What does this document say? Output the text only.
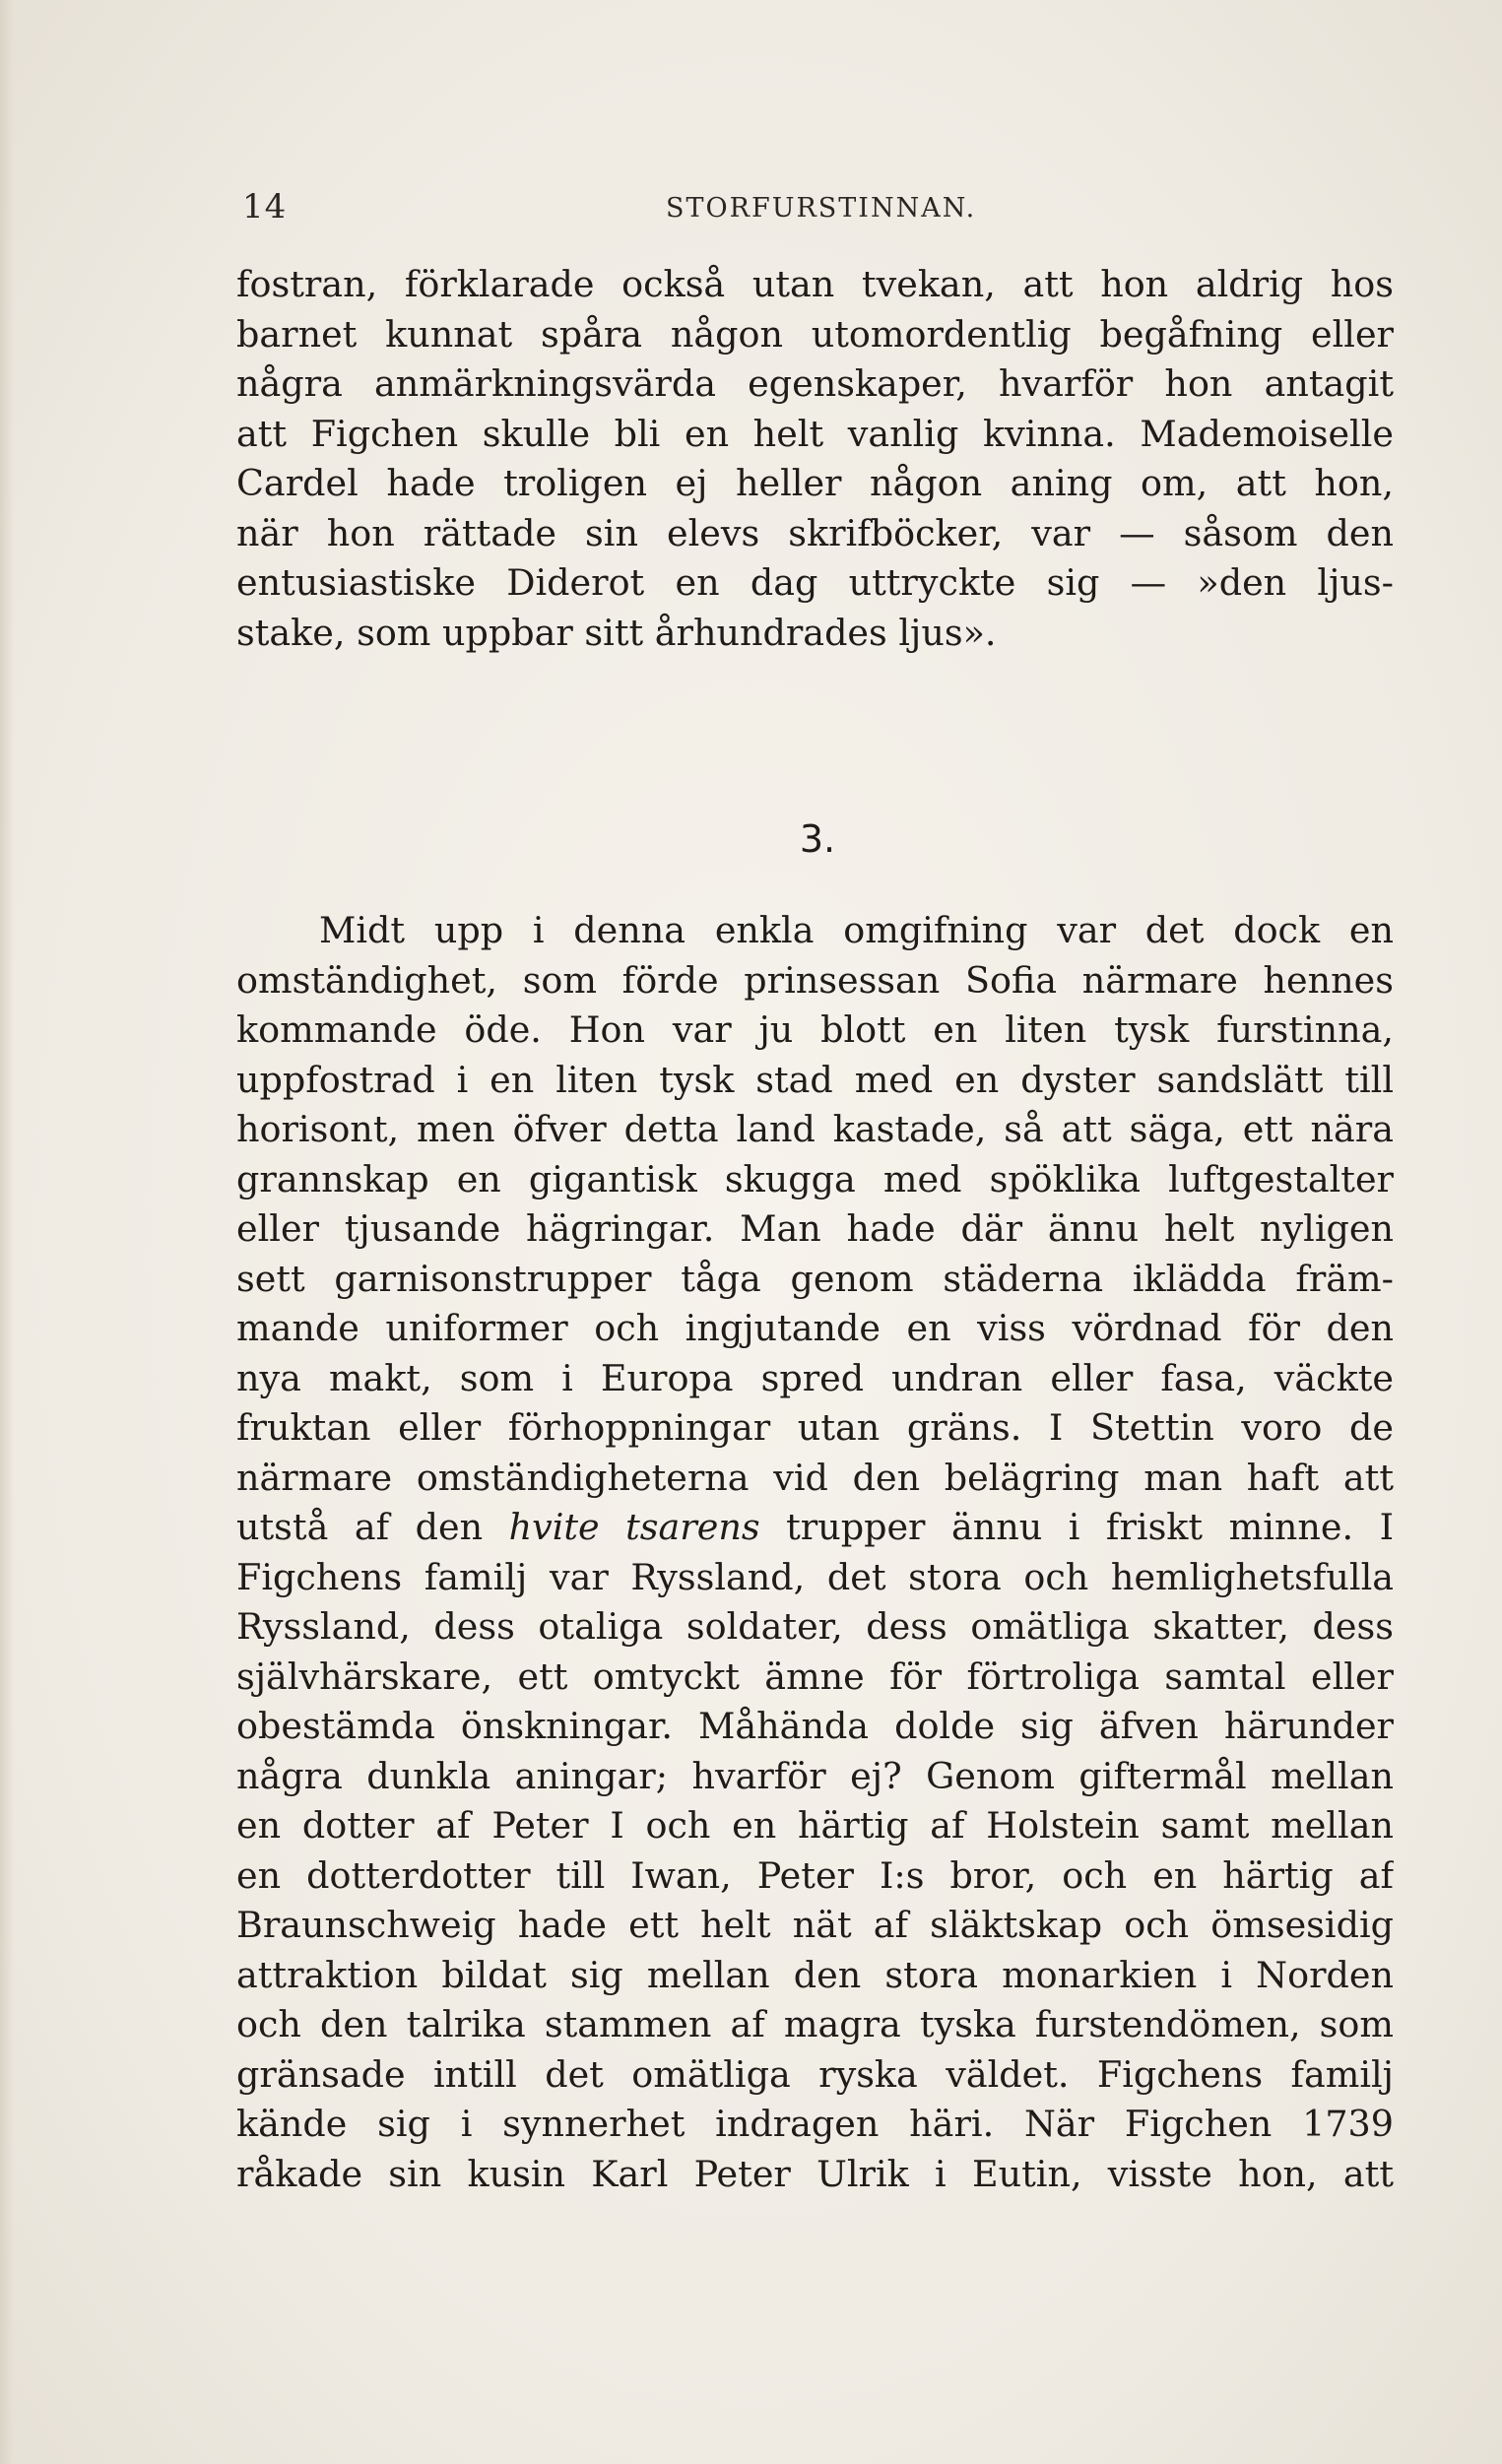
14	STORFURSTINNAN.
fostran, förklarade också utan tvekan, att hon aldrig hos
barnet kunnat spåra någon utomordentlig begåfning eller
några anmärkningsvärda egenskaper, hvarför hon antagit
att Figchen skulle bli en helt vanlig kvinna. Mademoiselle
Cardel hade troligen ej heller någon aning om, att hon,
när hon rättade sin elevs skrifböcker, var — såsom den
entusiastiske Diderot en dag uttryckte sig — »den ljus-
stake, som uppbar sitt århundrades ljus».
3.
Midt upp i denna enkla omgifning var det dock en
omständighet, som förde prinsessan Sofia närmare hennes
kommande öde. Hon var ju blott en liten tysk furstinna,
uppfostrad i en liten tysk stad med en dyster sandslätt till
horisont, men öfver detta land kastade, så att säga, ett nära
grannskap en gigantisk skugga med spöklika luftgestalter
eller tjusande hägringar. Man hade där ännu helt nyligen
sett garnisonstrupper tåga genom städerna iklädda främ-
mande uniformer och ingjutande en viss vördnad för den
nya makt, som i Europa spred undran eller fasa, väckte
fruktan eller förhoppningar utan gräns. I Stettin voro de
närmare omständigheterna vid den belägring man haft att
utstå af den hvite tsarens trupper ännu i friskt minne. I
Figchens familj var Ryssland, det stora och hemlighetsfulla
Ryssland, dess otaliga soldater, dess omätliga skatter, dess
självhärskare, ett omtyckt ämne för förtroliga samtal eller
obestämda önskningar. Måhända dolde sig äfven härunder
några dunkla aningar; hvarför ej? Genom giftermål mellan
en dotter af Peter I och en härtig af Holstein samt mellan
en dotterdotter till Iwan, Peter I:s bror, och en härtig af
Braunschweig hade ett helt nät af släktskap och ömsesidig
attraktion bildat sig mellan den stora monarkien i Norden
och den talrika stammen af magra tyska furstendömen, som
gränsade intill det omätliga ryska väldet. Figchens familj
kände sig i synnerhet indragen häri. När Figchen 1739
råkade sin kusin Karl Peter Ulrik i Eutin, visste hon, att
